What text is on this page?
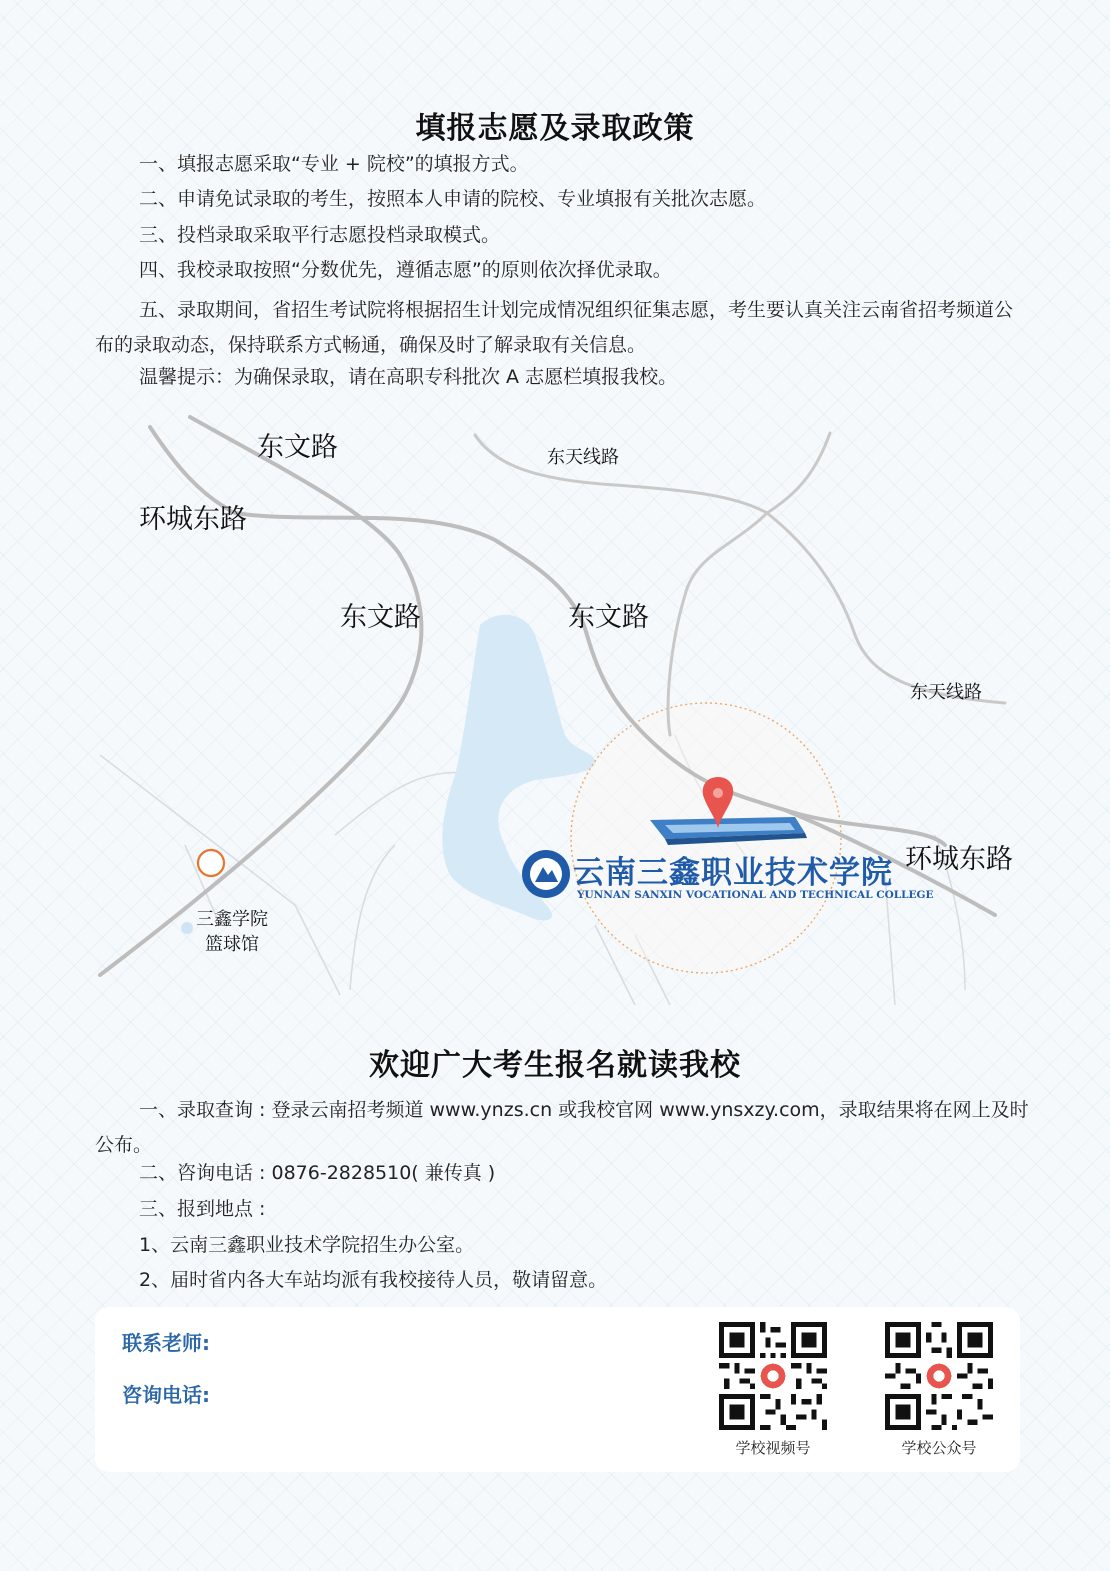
填报志愿及录取政策

一、填报志愿采取“专业 + 院校”的填报方式。

二、申请免试录取的考生，按照本人申请的院校、专业填报有关批次志愿。

三、投档录取采取平行志愿投档录取模式。

四、我校录取按照“分数优先，遵循志愿”的原则依次择优录取。

五、录取期间，省招生考试院将根据招生计划完成情况组织征集志愿，考生要认真关注云南省招考频道公布的录取动态，保持联系方式畅通，确保及时了解录取有关信息。

温馨提示：为确保录取，请在高职专科批次 A 志愿栏填报我校。

东文路
环城东路
东文路	东文路
东天线路
东天线路
环城东路
三鑫学院
篮球馆
云南三鑫职业技术学院
YUNNAN SANXIN VOCATIONAL AND TECHNICAL COLLEGE
欢迎广大考生报名就读我校

一、录取查询 : 登录云南招考频道 www.ynzs.cn 或我校官网 www.ynsxzy.com，录取结果将在网上及时公布。

二、咨询电话 : 0876-2828510( 兼传真 )

三、报到地点 :

1、云南三鑫职业技术学院招生办公室。

2、届时省内各大车站均派有我校接待人员，敬请留意。

联系老师:
咨询电话:
学校视频号	学校公众号
